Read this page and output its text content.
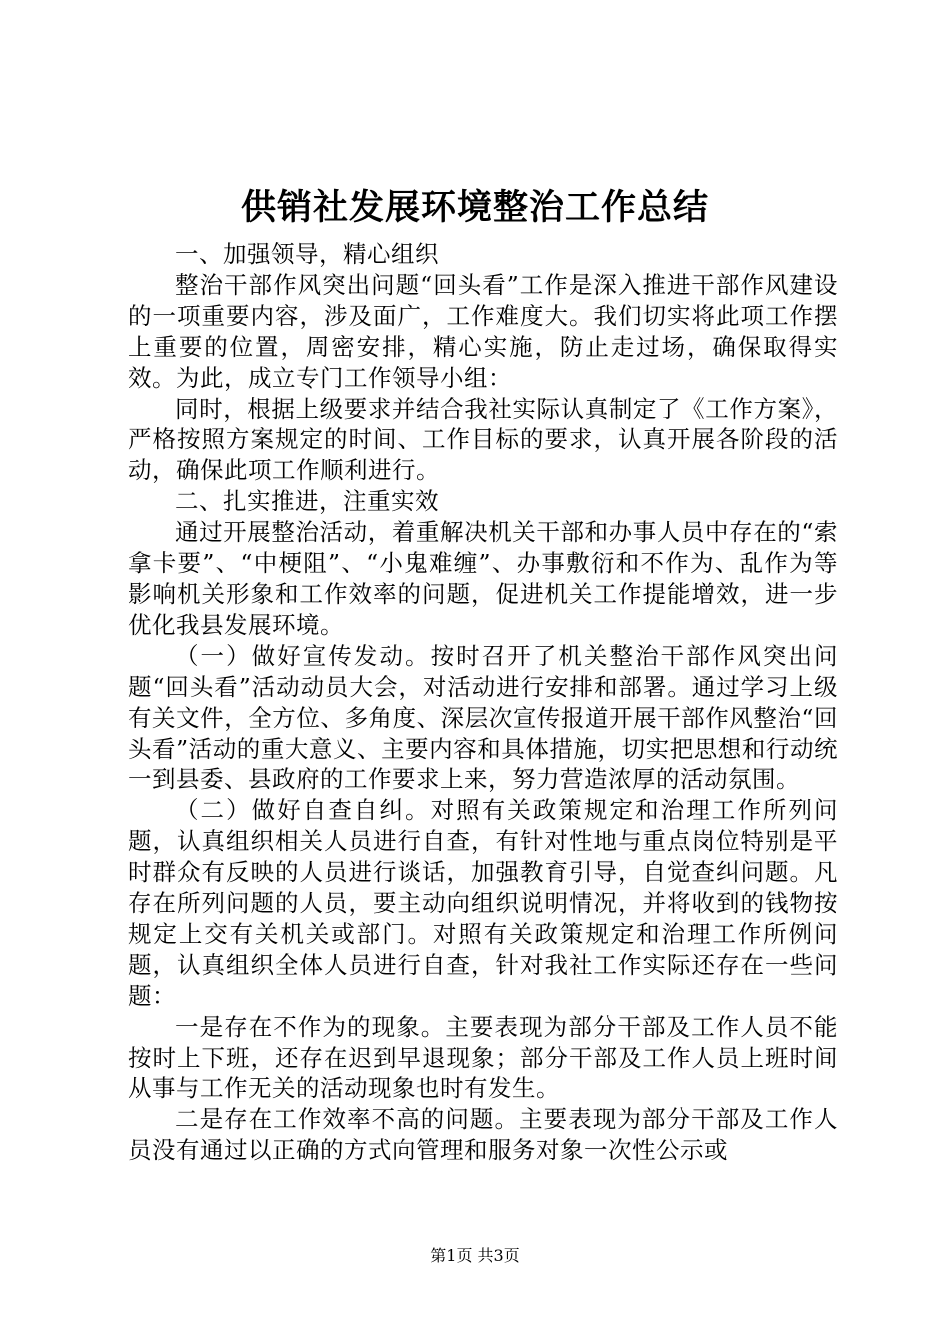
供销社发展环境整治工作总结

一、加强领导，精心组织

整治干部作风突出问题“回头看”工作是深入推进干部作风建设的一项重要内容，涉及面广，工作难度大。我们切实将此项工作摆上重要的位置，周密安排，精心实施，防止走过场，确保取得实效。为此，成立专门工作领导小组：

同时，根据上级要求并结合我社实际认真制定了《工作方案》，严格按照方案规定的时间、工作目标的要求，认真开展各阶段的活动，确保此项工作顺利进行。

二、扎实推进，注重实效

通过开展整治活动，着重解决机关干部和办事人员中存在的“索拿卡要”、“中梗阻”、“小鬼难缠”、办事敷衍和不作为、乱作为等影响机关形象和工作效率的问题，促进机关工作提能增效，进一步优化我县发展环境。

（一）做好宣传发动。按时召开了机关整治干部作风突出问题“回头看”活动动员大会，对活动进行安排和部署。通过学习上级有关文件，全方位、多角度、深层次宣传报道开展干部作风整治“回头看”活动的重大意义、主要内容和具体措施，切实把思想和行动统一到县委、县政府的工作要求上来，努力营造浓厚的活动氛围。

（二）做好自查自纠。对照有关政策规定和治理工作所列问题，认真组织相关人员进行自查，有针对性地与重点岗位特别是平时群众有反映的人员进行谈话，加强教育引导，自觉查纠问题。凡存在所列问题的人员，要主动向组织说明情况，并将收到的钱物按规定上交有关机关或部门。对照有关政策规定和治理工作所例问题，认真组织全体人员进行自查，针对我社工作实际还存在一些问题：

一是存在不作为的现象。主要表现为部分干部及工作人员不能按时上下班，还存在迟到早退现象；部分干部及工作人员上班时间从事与工作无关的活动现象也时有发生。

二是存在工作效率不高的问题。主要表现为部分干部及工作人员没有通过以正确的方式向管理和服务对象一次性公示或

第1页 共3页
